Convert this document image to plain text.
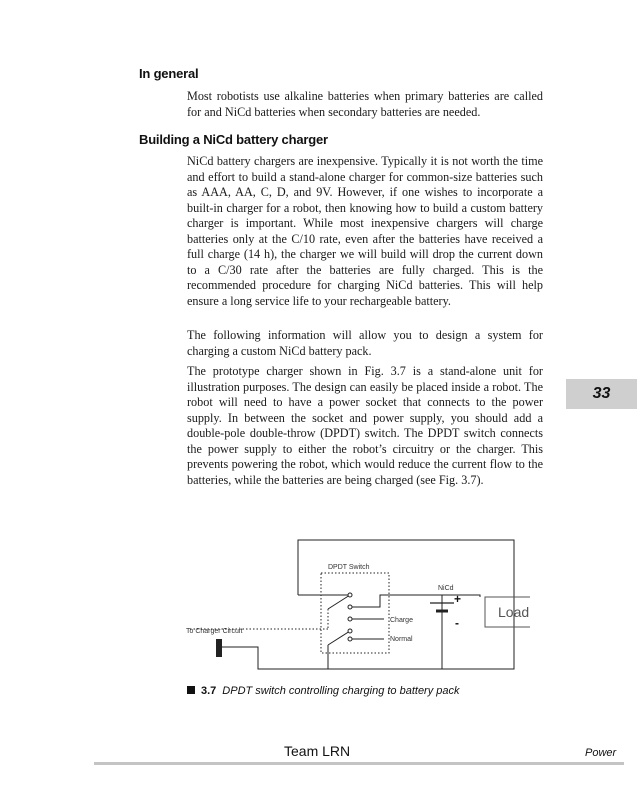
In general

Most robotists use alkaline batteries when primary batteries are called for and NiCd batteries when secondary batteries are needed.

Building a NiCd battery charger

NiCd battery chargers are inexpensive. Typically it is not worth the time and effort to build a stand-alone charger for common-size batteries such as AAA, AA, C, D, and 9V. However, if one wishes to incorporate a built-in charger for a robot, then knowing how to build a custom battery charger is important. While most inexpensive chargers will charge batteries only at the C/10 rate, even after the batteries have received a full charge (14 h), the charger we will build will drop the current down to a C/30 rate after the batteries are fully charged. This is the recommended procedure for charging NiCd batteries. This will help ensure a long service life to your rechargeable battery.

The following information will allow you to design a system for charging a custom NiCd battery pack.

The prototype charger shown in Fig. 3.7 is a stand-alone unit for illustration purposes. The design can easily be placed inside a robot. The robot will need to have a power socket that connects to the power supply. In between the socket and power supply, you should add a double-pole double-throw (DPDT) switch. The DPDT switch connects the power supply to either the robot’s circuitry or the charger. This prevents powering the robot, which would reduce the current flow to the batteries, while the batteries are being charged (see Fig. 3.7).

33
DPDT Switch
NiCd
+
-
Load
Charge
Normal
To Charger Circuit
3.7 DPDT switch controlling charging to battery pack
Team LRN	Power
